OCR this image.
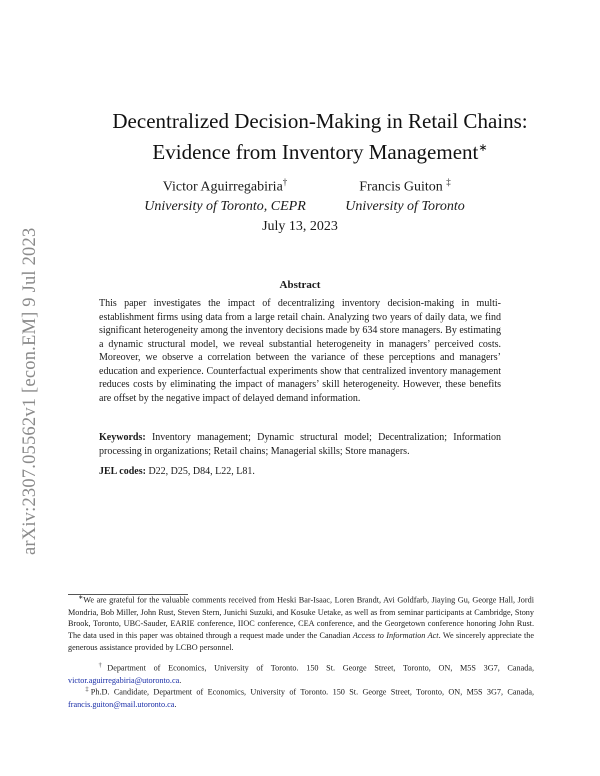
arXiv:2307.05562v1 [econ.EM] 9 Jul 2023
Decentralized Decision-Making in Retail Chains:
Evidence from Inventory Management∗
Victor Aguirregabiria†
University of Toronto, CEPR
Francis Guiton ‡
University of Toronto
July 13, 2023
Abstract

This paper investigates the impact of decentralizing inventory decision-making in multi-establishment firms using data from a large retail chain. Analyzing two years of daily data, we find significant heterogeneity among the inventory decisions made by 634 store managers. By estimating a dynamic structural model, we reveal substantial heterogeneity in managers’ perceived costs. Moreover, we observe a correlation between the variance of these perceptions and managers’ education and experience. Counterfactual experiments show that centralized inventory management reduces costs by eliminating the impact of managers’ skill heterogeneity. However, these benefits are offset by the negative impact of delayed demand information.

Keywords: Inventory management; Dynamic structural model; Decentralization; Information processing in organizations; Retail chains; Managerial skills; Store managers.

JEL codes: D22, D25, D84, L22, L81.

∗We are grateful for the valuable comments received from Heski Bar-Isaac, Loren Brandt, Avi Goldfarb, Jiaying Gu, George Hall, Jordi Mondria, Bob Miller, John Rust, Steven Stern, Junichi Suzuki, and Kosuke Uetake, as well as from seminar participants at Cambridge, Stony Brook, Toronto, UBC-Sauder, EARIE conference, IIOC conference, CEA conference, and the Georgetown conference honoring John Rust. The data used in this paper was obtained through a request made under the Canadian Access to Information Act. We sincerely appreciate the generous assistance provided by LCBO personnel.

†Department of Economics, University of Toronto. 150 St. George Street, Toronto, ON, M5S 3G7, Canada, victor.aguirregabiria@utoronto.ca.

‡Ph.D. Candidate, Department of Economics, University of Toronto. 150 St. George Street, Toronto, ON, M5S 3G7, Canada, francis.guiton@mail.utoronto.ca.
